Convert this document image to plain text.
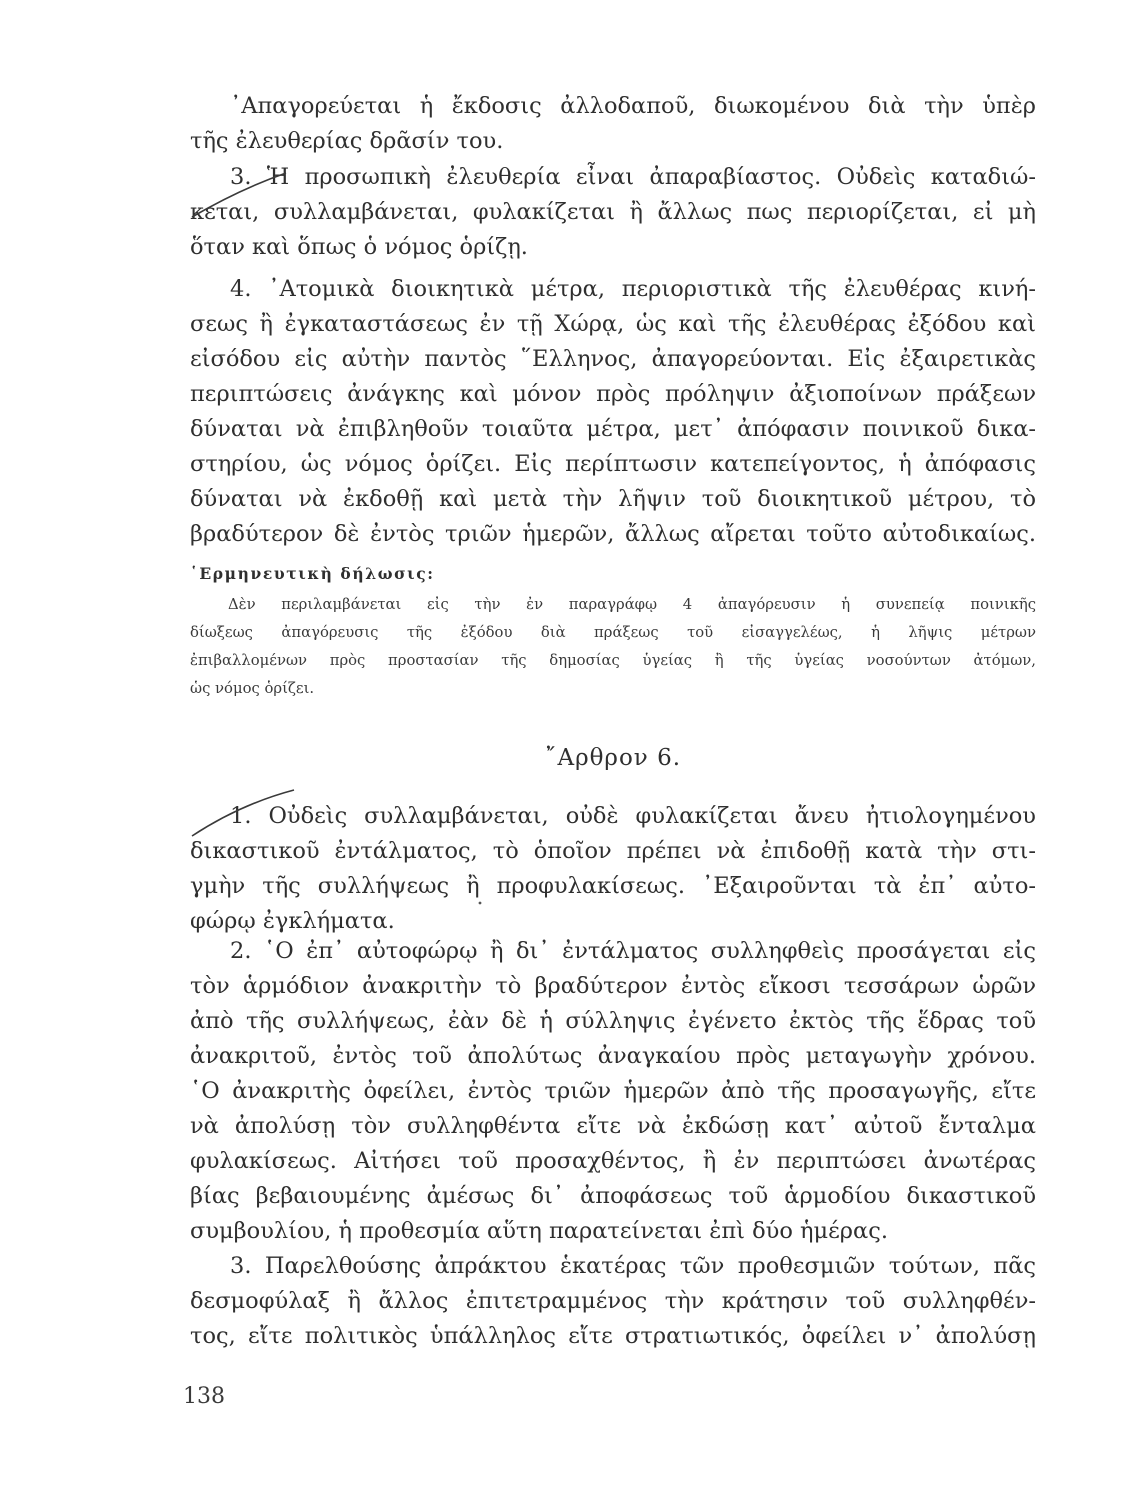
᾿Απαγορεύεται ἡ ἔκδοσις ἀλλοδαποῦ, διωκομένου διὰ τὴν ὑπὲρ
τῆς ἐλευθερίας δρᾶσίν του.
3. Ἡ προσωπικὴ ἐλευθερία εἶναι ἀπαραβίαστος. Οὐδεὶς καταδιώ-
κεται, συλλαμβάνεται, φυλακίζεται ἢ ἄλλως πως περιορίζεται, εἰ μὴ
ὅταν καὶ ὅπως ὁ νόμος ὁρίζῃ.
4. ᾿Ατομικὰ διοικητικὰ μέτρα, περιοριστικὰ τῆς ἐλευθέρας κινή-
σεως ἢ ἐγκαταστάσεως ἐν τῇ Χώρᾳ, ὡς καὶ τῆς ἐλευθέρας ἐξόδου καὶ
εἰσόδου εἰς αὐτὴν παντὸς ῞Ελληνος, ἀπαγορεύονται. Εἰς ἐξαιρετικὰς
περιπτώσεις ἀνάγκης καὶ μόνον πρὸς πρόληψιν ἀξιοποίνων πράξεων
δύναται νὰ ἐπιβληθοῦν τοιαῦτα μέτρα, μετ᾿ ἀπόφασιν ποινικοῦ δικα-
στηρίου, ὡς νόμος ὁρίζει. Εἰς περίπτωσιν κατεπείγοντος, ἡ ἀπόφασις
δύναται νὰ ἐκδοθῇ καὶ μετὰ τὴν λῆψιν τοῦ διοικητικοῦ μέτρου, τὸ
βραδύτερον δὲ ἐντὸς τριῶν ἡμερῶν, ἄλλως αἴρεται τοῦτο αὐτοδικαίως.
῾Ερμηνευτικὴ δήλωσις:
Δὲν περιλαμβάνεται εἰς τὴν ἐν παραγράφῳ 4 ἀπαγόρευσιν ἡ συνεπείᾳ ποινικῆς
δίωξεως ἀπαγόρευσις τῆς ἐξόδου διὰ πράξεως τοῦ εἰσαγγελέως, ἡ λῆψις μέτρων
ἐπιβαλλομένων πρὸς προστασίαν τῆς δημοσίας ὑγείας ἢ τῆς ὑγείας νοσούντων ἀτόμων,
ὡς νόμος ὁρίζει.
῎Αρθρον 6.
1. Οὐδεὶς συλλαμβάνεται, οὐδὲ φυλακίζεται ἄνευ ἠτιολογημένου
δικαστικοῦ ἐντάλματος, τὸ ὁποῖον πρέπει νὰ ἐπιδοθῇ κατὰ τὴν στι-
γμὴν τῆς συλλήψεως ἢ προφυλακίσεως. ᾿Εξαιροῦνται τὰ ἐπ᾿ αὐτο-
φώρῳ ἐγκλήματα.
2. ῾Ο ἐπ᾿ αὐτοφώρῳ ἢ δι᾿ ἐντάλματος συλληφθεὶς προσάγεται εἰς
τὸν ἁρμόδιον ἀνακριτὴν τὸ βραδύτερον ἐντὸς εἴκοσι τεσσάρων ὡρῶν
ἀπὸ τῆς συλλήψεως, ἐὰν δὲ ἡ σύλληψις ἐγένετο ἐκτὸς τῆς ἕδρας τοῦ
ἀνακριτοῦ, ἐντὸς τοῦ ἀπολύτως ἀναγκαίου πρὸς μεταγωγὴν χρόνου.
῾Ο ἀνακριτὴς ὀφείλει, ἐντὸς τριῶν ἡμερῶν ἀπὸ τῆς προσαγωγῆς, εἴτε
νὰ ἀπολύσῃ τὸν συλληφθέντα εἴτε νὰ ἐκδώσῃ κατ᾿ αὐτοῦ ἔνταλμα
φυλακίσεως. Αἰτήσει τοῦ προσαχθέντος, ἢ ἐν περιπτώσει ἀνωτέρας
βίας βεβαιουμένης ἀμέσως δι᾿ ἀποφάσεως τοῦ ἁρμοδίου δικαστικοῦ
συμβουλίου, ἡ προθεσμία αὕτη παρατείνεται ἐπὶ δύο ἡμέρας.
3. Παρελθούσης ἀπράκτου ἑκατέρας τῶν προθεσμιῶν τούτων, πᾶς
δεσμοφύλαξ ἢ ἄλλος ἐπιτετραμμένος τὴν κράτησιν τοῦ συλληφθέν-
τος, εἴτε πολιτικὸς ὑπάλληλος εἴτε στρατιωτικός, ὀφείλει ν᾿ ἀπολύσῃ
138
